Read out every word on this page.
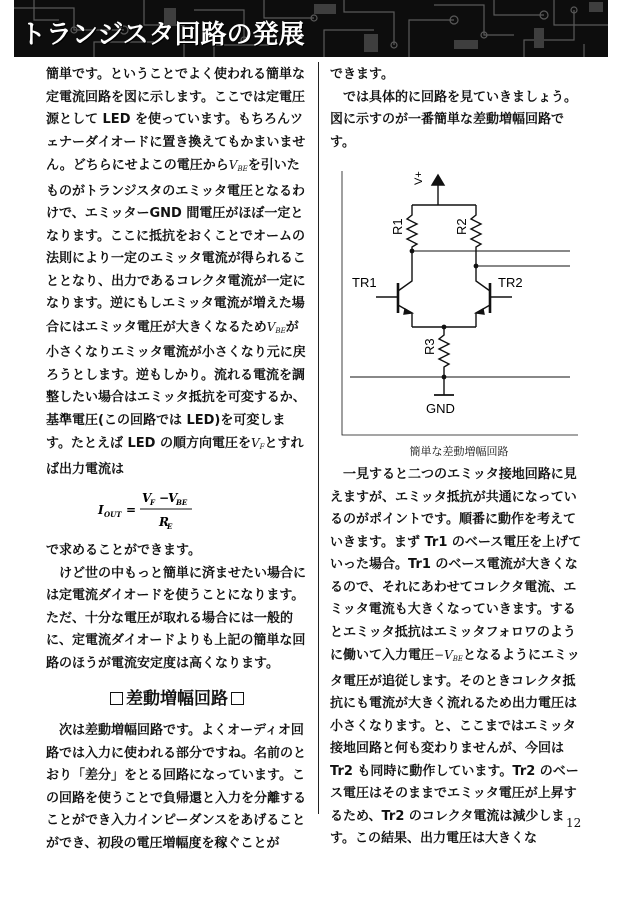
トランジスタ回路の発展

簡単です。ということでよく使われる簡単な定電流回路を図に示します。ここでは定電圧源として LED を使っています。もちろんツェナーダイオードに置き換えてもかまいません。どちらにせよこの電圧から$V_{BE}$を引いたものがトランジスタのエミッタ電圧となるわけで、エミッターGND 間電圧がほぼ一定となります。ここに抵抗をおくことでオームの法則により一定のエミッタ電流が得られることとなり、出力であるコレクタ電流が一定になります。逆にもしエミッタ電流が増えた場合にはエミッタ電圧が大きくなるため$V_{BE}$が小さくなりエミッタ電流が小さくなり元に戻ろうとします。逆もしかり。流れる電流を調整したい場合はエミッタ抵抗を可変するか、基準電圧(この回路では LED)を可変します。たとえば LED の順方向電圧を$V_F$とすれば出力電流は

I OUT =
V
F −
V
BE
R
E

で求めることができます。

けど世の中もっと簡単に済ませたい場合には定電流ダイオードを使うことになります。ただ、十分な電圧が取れる場合には一般的に、定電流ダイオードよりも上記の簡単な回路のほうが電流安定度は高くなります。

差動増幅回路

次は差動増幅回路です。よくオーディオ回路では入力に使われる部分ですね。名前のとおり「差分」をとる回路になっています。この回路を使うことで負帰還と入力を分離することができ入力インピーダンスをあげることができ、初段の電圧増幅度を稼ぐことが

できます。

では具体的に回路を見ていきましょう。図に示すのが一番簡単な差動増幅回路です。

V+
R1	R2
TR1	TR2
R3
GND
簡単な差動増幅回路

一見すると二つのエミッタ接地回路に見えますが、エミッタ抵抗が共通になっているのがポイントです。順番に動作を考えていきます。まず Tr1 のベース電圧を上げていった場合。Tr1 のベース電流が大きくなるので、それにあわせてコレクタ電流、エミッタ電流も大きくなっていきます。するとエミッタ抵抗はエミッタフォロワのように働いて入力電圧$-V_{BE}$となるようにエミッタ電圧が追従します。そのときコレクタ抵抗にも電流が大きく流れるため出力電圧は小さくなります。と、ここまではエミッタ接地回路と何も変わりませんが、今回は Tr2 も同時に動作しています。Tr2 のベース電圧はそのままでエミッタ電圧が上昇するため、Tr2 のコレクタ電流は減少します。この結果、出力電圧は大きくな

12
